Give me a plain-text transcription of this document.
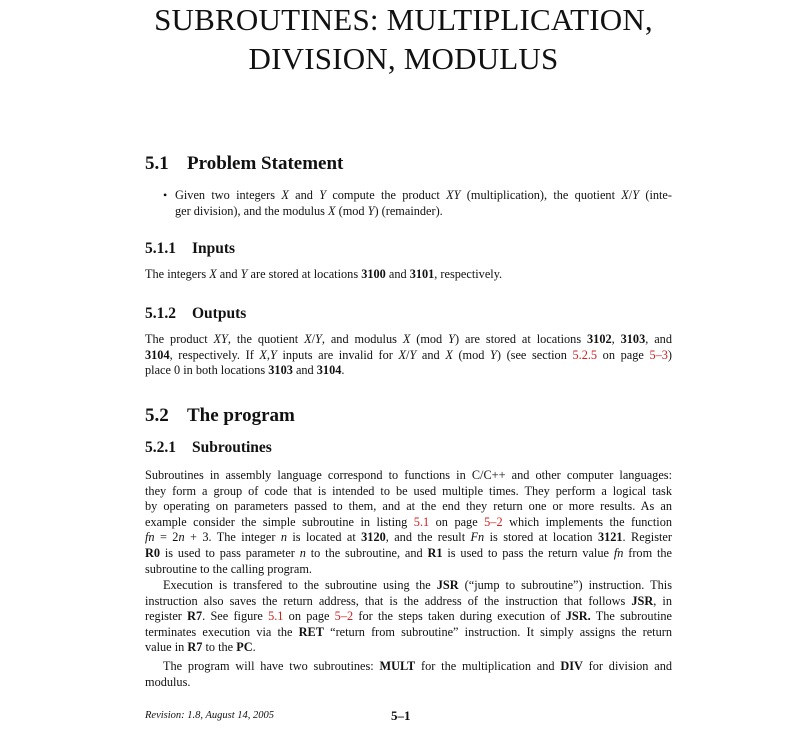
SUBROUTINES: MULTIPLICATION,
DIVISION, MODULUS
5.1 Problem Statement
• Given two integers X and Y compute the product XY (multiplication), the quotient X/Y (inte-
ger division), and the modulus X (mod Y) (remainder).
5.1.1 Inputs
The integers X and Y are stored at locations 3100 and 3101, respectively.
5.1.2 Outputs
The product XY, the quotient X/Y, and modulus X (mod Y) are stored at locations 3102, 3103, and
3104, respectively. If X,Y inputs are invalid for X/Y and X (mod Y) (see section 5.2.5 on page 5–3)
place 0 in both locations 3103 and 3104.
5.2 The program
5.2.1 Subroutines
Subroutines in assembly language correspond to functions in C/C++ and other computer languages:
they form a group of code that is intended to be used multiple times. They perform a logical task
by operating on parameters passed to them, and at the end they return one or more results. As an
example consider the simple subroutine in listing 5.1 on page 5–2 which implements the function
fn = 2n + 3. The integer n is located at 3120, and the result Fn is stored at location 3121. Register
R0 is used to pass parameter n to the subroutine, and R1 is used to pass the return value fn from the
subroutine to the calling program.
Execution is transfered to the subroutine using the JSR (“jump to subroutine”) instruction. This
instruction also saves the return address, that is the address of the instruction that follows JSR, in
register R7. See figure 5.1 on page 5–2 for the steps taken during execution of JSR. The subroutine
terminates execution via the RET “return from subroutine” instruction. It simply assigns the return
value in R7 to the PC.
The program will have two subroutines: MULT for the multiplication and DIV for division and
modulus.
Revision: 1.8, August 14, 2005	5–1
